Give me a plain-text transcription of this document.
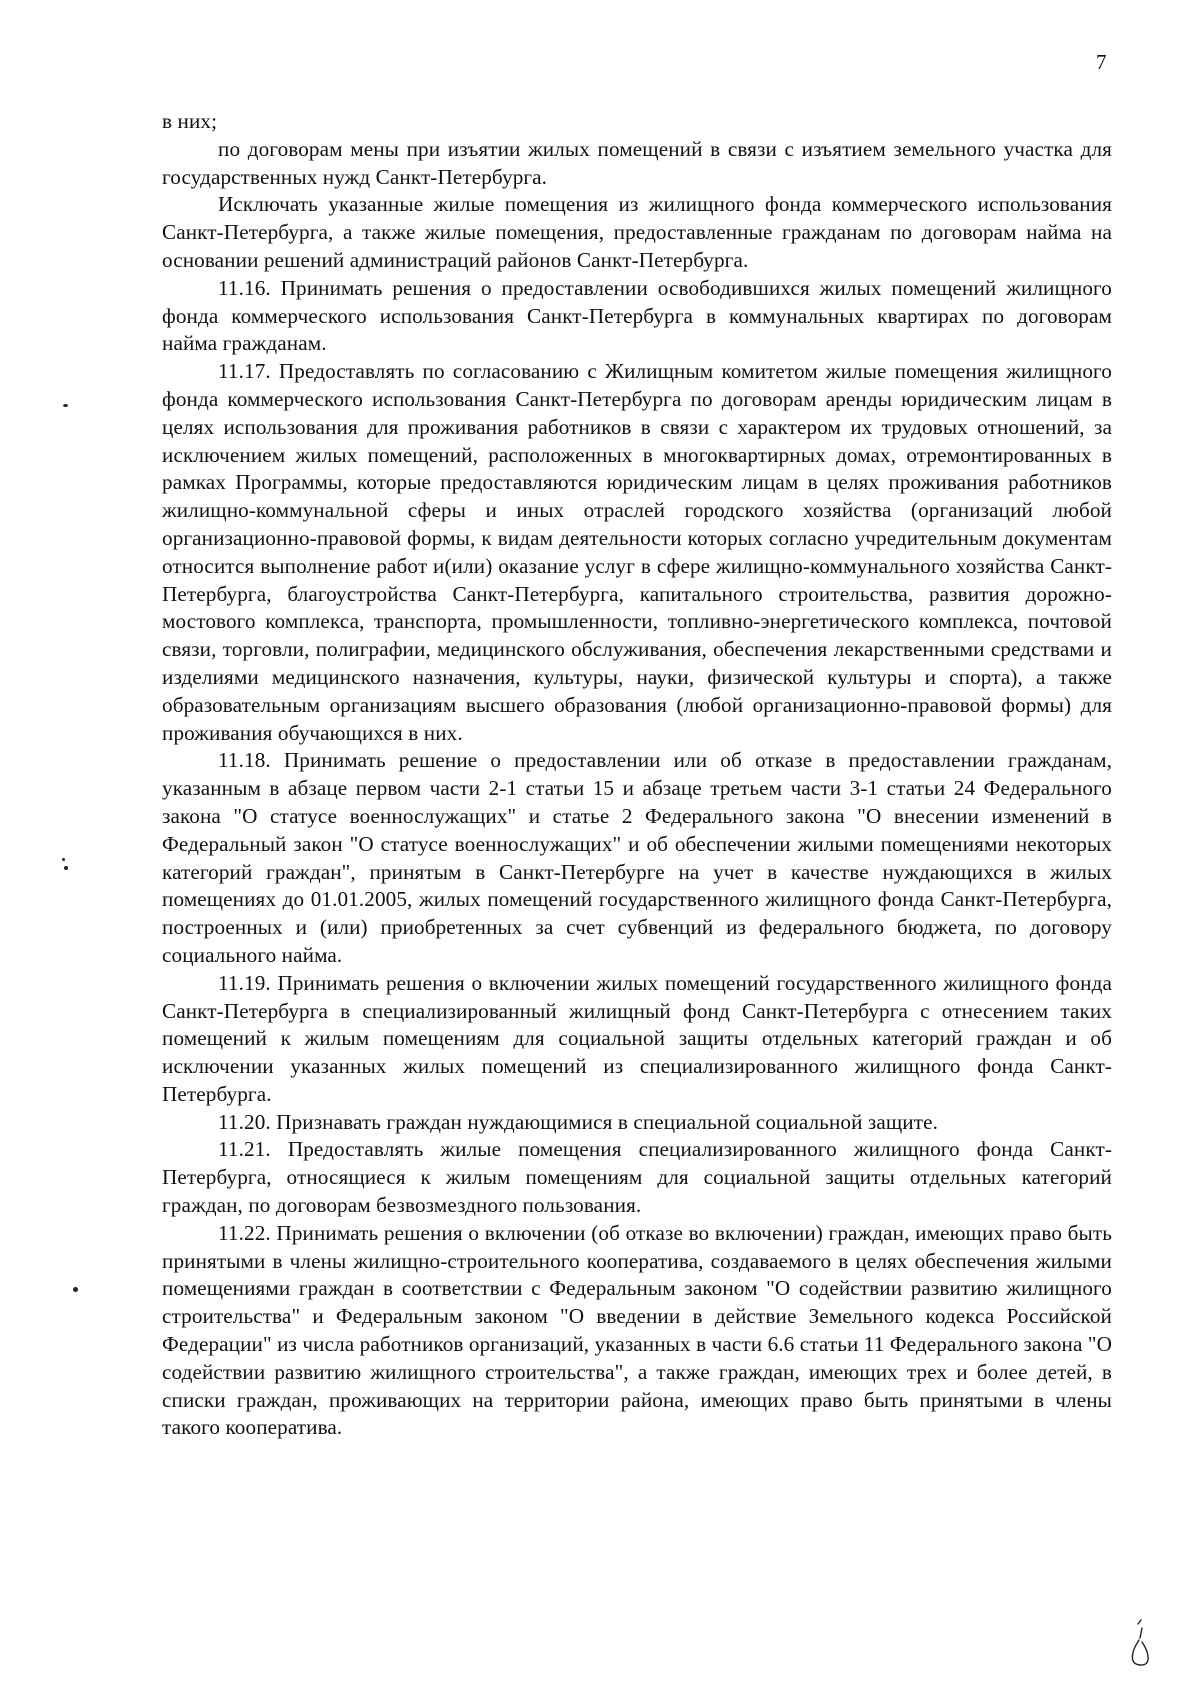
7

в них;

по договорам мены при изъятии жилых помещений в связи с изъятием земельного участка для государственных нужд Санкт-Петербурга.

Исключать указанные жилые помещения из жилищного фонда коммерческого использования Санкт-Петербурга, а также жилые помещения, предоставленные гражданам по договорам найма на основании решений администраций районов Санкт-Петербурга.

11.16. Принимать решения о предоставлении освободившихся жилых помещений жилищного фонда коммерческого использования Санкт-Петербурга в коммунальных квартирах по договорам найма гражданам.

11.17. Предоставлять по согласованию с Жилищным комитетом жилые помещения жилищного фонда коммерческого использования Санкт-Петербурга по договорам аренды юридическим лицам в целях использования для проживания работников в связи с характером их трудовых отношений, за исключением жилых помещений, расположенных в многоквартирных домах, отремонтированных в рамках Программы, которые предоставляются юридическим лицам в целях проживания работников жилищно-коммунальной сферы и иных отраслей городского хозяйства (организаций любой организационно-правовой формы, к видам деятельности которых согласно учредительным документам относится выполнение работ и(или) оказание услуг в сфере жилищно-коммунального хозяйства Санкт-Петербурга, благоустройства Санкт-Петербурга, капитального строительства, развития дорожно-мостового комплекса, транспорта, промышленности, топливно-энергетического комплекса, почтовой связи, торговли, полиграфии, медицинского обслуживания, обеспечения лекарственными средствами и изделиями медицинского назначения, культуры, науки, физической культуры и спорта), а также образовательным организациям высшего образования (любой организационно-правовой формы) для проживания обучающихся в них.

11.18. Принимать решение о предоставлении или об отказе в предоставлении гражданам, указанным в абзаце первом части 2-1 статьи 15 и абзаце третьем части 3-1 статьи 24 Федерального закона "О статусе военнослужащих" и статье 2 Федерального закона "О внесении изменений в Федеральный закон "О статусе военнослужащих" и об обеспечении жилыми помещениями некоторых категорий граждан", принятым в Санкт-Петербурге на учет в качестве нуждающихся в жилых помещениях до 01.01.2005, жилых помещений государственного жилищного фонда Санкт-Петербурга, построенных и (или) приобретенных за счет субвенций из федерального бюджета, по договору социального найма.

11.19. Принимать решения о включении жилых помещений государственного жилищного фонда Санкт-Петербурга в специализированный жилищный фонд Санкт-Петербурга с отнесением таких помещений к жилым помещениям для социальной защиты отдельных категорий граждан и об исключении указанных жилых помещений из специализированного жилищного фонда Санкт-Петербурга.

11.20. Признавать граждан нуждающимися в специальной социальной защите.

11.21. Предоставлять жилые помещения специализированного жилищного фонда Санкт-Петербурга, относящиеся к жилым помещениям для социальной защиты отдельных категорий граждан, по договорам безвозмездного пользования.

11.22. Принимать решения о включении (об отказе во включении) граждан, имеющих право быть принятыми в члены жилищно-строительного кооператива, создаваемого в целях обеспечения жилыми помещениями граждан в соответствии с Федеральным законом "О содействии развитию жилищного строительства" и Федеральным законом "О введении в действие Земельного кодекса Российской Федерации" из числа работников организаций, указанных в части 6.6 статьи 11 Федерального закона "О содействии развитию жилищного строительства", а также граждан, имеющих трех и более детей, в списки граждан, проживающих на территории района, имеющих право быть принятыми в члены такого кооператива.
